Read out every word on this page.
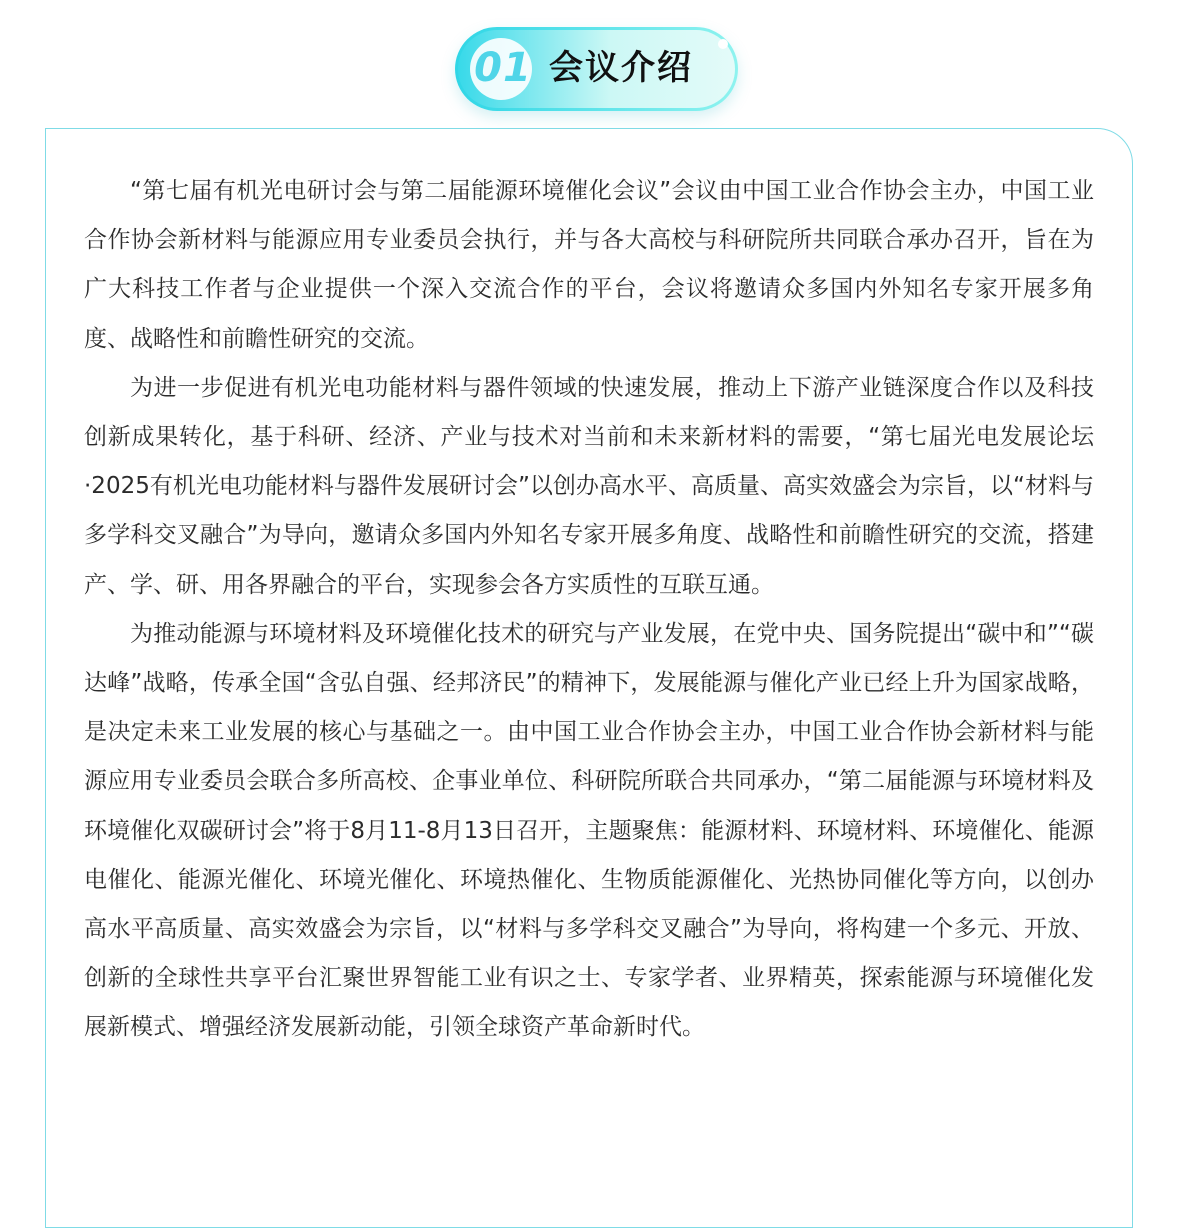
01 会议介绍

“第七届有机光电研讨会与第二届能源环境催化会议”会议由中国工业合作协会主办，中国工业合作协会新材料与能源应用专业委员会执行，并与各大高校与科研院所共同联合承办召开，旨在为广大科技工作者与企业提供一个深入交流合作的平台，会议将邀请众多国内外知名专家开展多角度、战略性和前瞻性研究的交流。

为进一步促进有机光电功能材料与器件领域的快速发展，推动上下游产业链深度合作以及科技创新成果转化，基于科研、经济、产业与技术对当前和未来新材料的需要，“第七届光电发展论坛·2025有机光电功能材料与器件发展研讨会”以创办高水平、高质量、高实效盛会为宗旨，以“材料与多学科交叉融合”为导向，邀请众多国内外知名专家开展多角度、战略性和前瞻性研究的交流，搭建产、学、研、用各界融合的平台，实现参会各方实质性的互联互通。

为推动能源与环境材料及环境催化技术的研究与产业发展，在党中央、国务院提出“碳中和”“碳达峰”战略，传承全国“含弘自强、经邦济民”的精神下，发展能源与催化产业已经上升为国家战略，是决定未来工业发展的核心与基础之一。由中国工业合作协会主办，中国工业合作协会新材料与能源应用专业委员会联合多所高校、企事业单位、科研院所联合共同承办，“第二届能源与环境材料及环境催化双碳研讨会”将于8月11-8月13日召开，主题聚焦：能源材料、环境材料、环境催化、能源电催化、能源光催化、环境光催化、环境热催化、生物质能源催化、光热协同催化等方向，以创办高水平高质量、高实效盛会为宗旨，以“材料与多学科交叉融合”为导向，将构建一个多元、开放、创新的全球性共享平台汇聚世界智能工业有识之士、专家学者、业界精英，探索能源与环境催化发展新模式、增强经济发展新动能，引领全球资产革命新时代。
